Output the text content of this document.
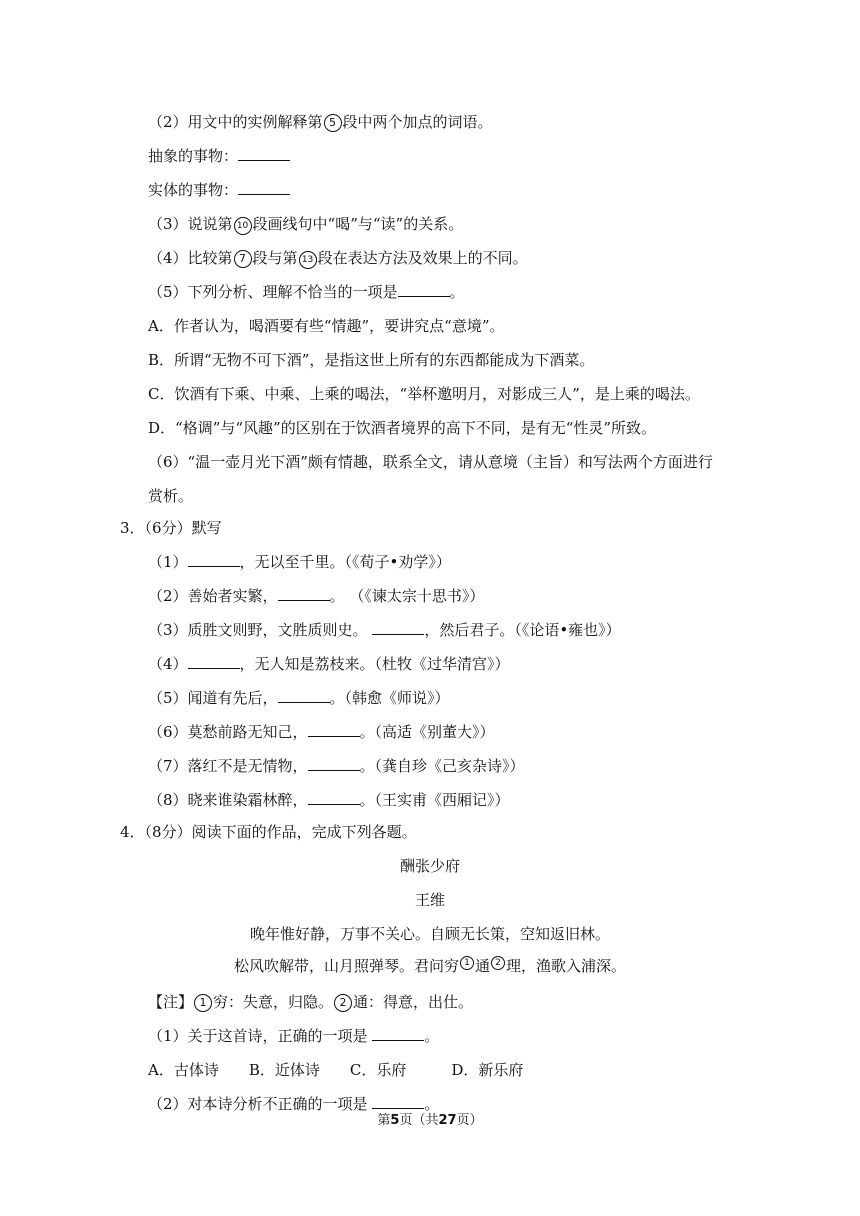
（2）用文中的实例解释第 5 段中两个加点的词语。
抽象的事物：
实体的事物：
（3）说说第 10 段画线句中“喝”与“读”的关系。
（4）比较第 7 段与第 13 段在表达方法及效果上的不同。
（5）下列分析、理解不恰当的一项是	。
A．作者认为，喝酒要有些“情趣”，要讲究点“意境”。
B．所谓“无物不可下酒”，是指这世上所有的东西都能成为下酒菜。
C．饮酒有下乘、中乘、上乘的喝法，“举杯邀明月，对影成三人”，是上乘的喝法。
D．“格调”与“风趣”的区别在于饮酒者境界的高下不同，是有无“性灵”所致。
（6）“温一壶月光下酒”颇有情趣，联系全文，请从意境（主旨）和写法两个方面进行
赏析。
3．（6分）默写
（1）	，无以至千里。（《荀子•劝学》）
（2）善始者实繁，	。 （《谏太宗十思书》）
（3）质胜文则野，文胜质则史。	，然后君子。（《论语•雍也》）
（4）	，无人知是荔枝来。（杜牧《过华清宫》）
（5）闻道有先后，	。（韩愈《师说》）
（6）莫愁前路无知己，	。（高适《别董大》）
（7）落红不是无情物，	。（龚自珍《己亥杂诗》）
（8）晓来谁染霜林醉，	。（王实甫《西厢记》）
4．（8分）阅读下面的作品，完成下列各题。
酬张少府
王维
晚年惟好静，万事不关心。自顾无长策，空知返旧林。
松风吹解带，山月照弹琴。君问穷 1 通 2 理，渔歌入浦深。
【注】 1 穷：失意，归隐。 2 通：得意，出仕。
（1）关于这首诗，正确的一项是	。
A．古体诗　　B．近体诗　　C．乐府　　　D．新乐府
（2）对本诗分析不正确的一项是	。
第5页（共27页）
